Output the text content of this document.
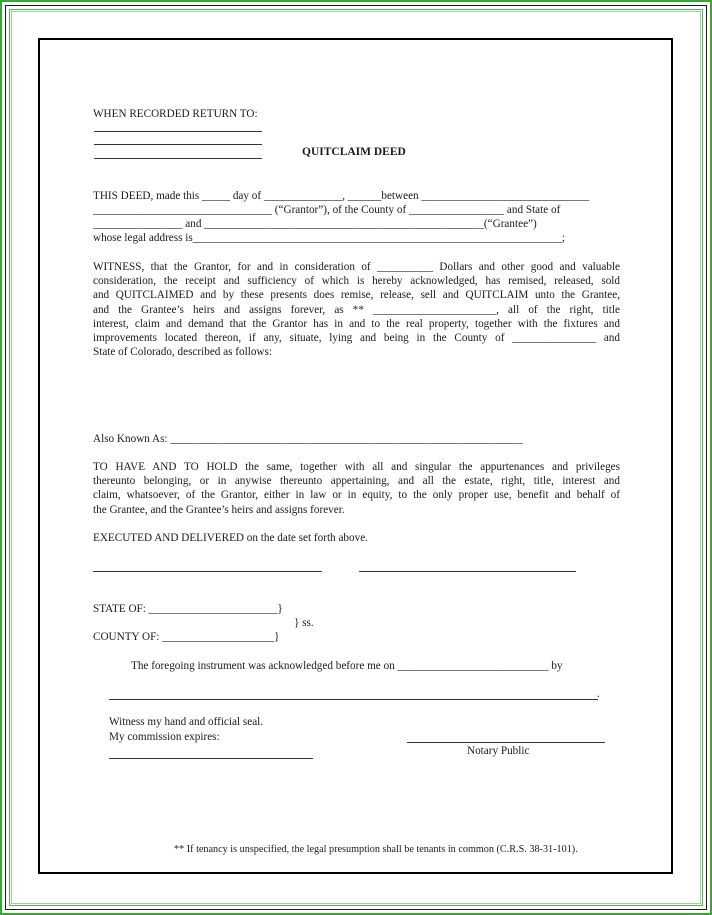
WHEN RECORDED RETURN TO:
QUITCLAIM DEED
THIS DEED, made this _____ day of ______________, ______between ______________________________
________________________________ (“Grantor”), of the County of _________________ and State of
________________ and __________________________________________________(“Grantee”)
whose legal address is__________________________________________________________________;
WITNESS, that the Grantor, for and in consideration of __________ Dollars and other good and valuable
consideration, the receipt and sufficiency of which is hereby acknowledged, has remised, released, sold
and QUITCLAIMED and by these presents does remise, release, sell and QUITCLAIM unto the Grantee,
and the Grantee’s heirs and assigns forever, as ** ______________________, all of the right, title
interest, claim and demand that the Grantor has in and to the real property, together with the fixtures and
improvements located thereon, if any, situate, lying and being in the County of _______________ and
State of Colorado, described as follows:
Also Known As: _______________________________________________________________
TO HAVE AND TO HOLD the same, together with all and singular the appurtenances and privileges
thereunto belonging, or in anywise thereunto appertaining, and all the estate, right, title, interest and
claim, whatsoever, of the Grantor, either in law or in equity, to the only proper use, benefit and behalf of
the Grantee, and the Grantee’s heirs and assigns forever.
EXECUTED AND DELIVERED on the date set forth above.
STATE OF: _______________________}
} ss.
COUNTY OF: ____________________}
The foregoing instrument was acknowledged before me on ___________________________ by
.
Witness my hand and official seal.
My commission expires:
Notary Public
** If tenancy is unspecified, the legal presumption shall be tenants in common (C.R.S. 38-31-101).
